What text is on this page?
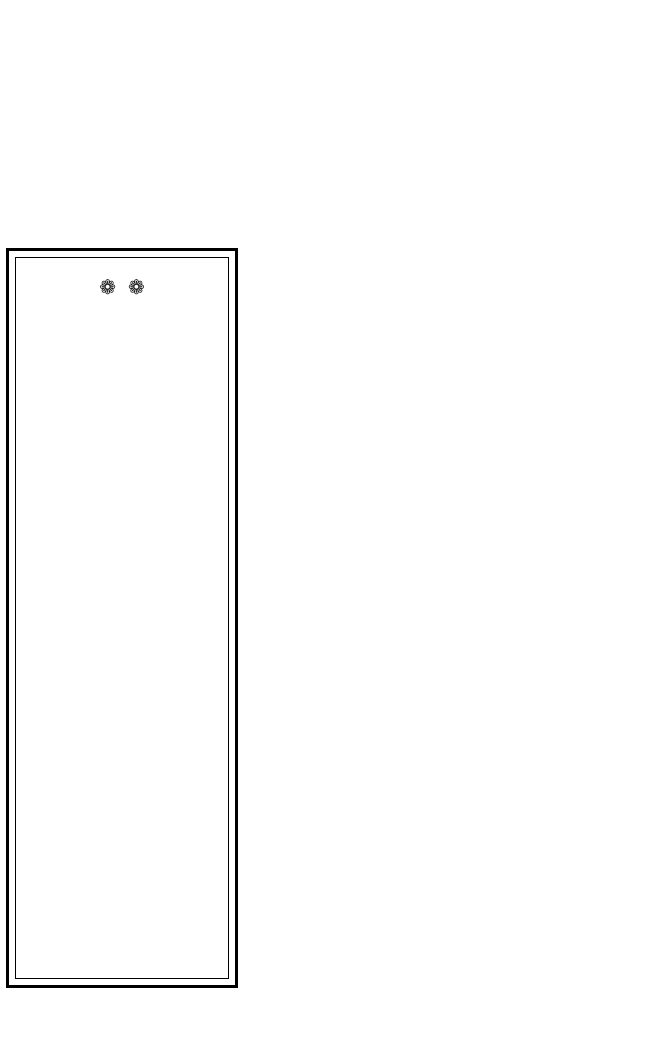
❁❁
